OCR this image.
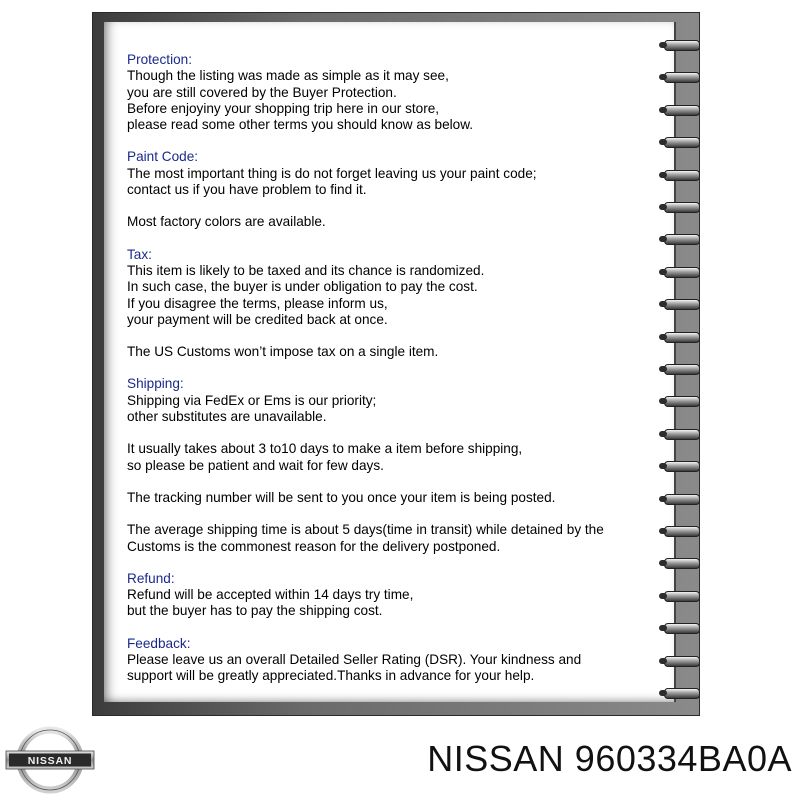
Protection:
Though the listing was made as simple as it may see,
you are still covered by the Buyer Protection.
Before enjoyiny your shopping trip here in our store,
please read some other terms you should know as below.
Paint Code:
The most important thing is do not forget leaving us your paint code;
contact us if you have problem to find it.
Most factory colors are available.
Tax:
This item is likely to be taxed and its chance is randomized.
In such case, the buyer is under obligation to pay the cost.
If you disagree the terms, please inform us,
your payment will be credited back at once.
The US Customs won’t impose tax on a single item.
Shipping:
Shipping via FedEx or Ems is our priority;
other substitutes are unavailable.
It usually takes about 3 to10 days to make a item before shipping,
so please be patient and wait for few days.
The tracking number will be sent to you once your item is being posted.
The average shipping time is about 5 days(time in transit) while detained by the
Customs is the commonest reason for the delivery postponed.
Refund:
Refund will be accepted within 14 days try time,
but the buyer has to pay the shipping cost.
Feedback:
Please leave us an overall Detailed Seller Rating (DSR). Your kindness and
support will be greatly appreciated.Thanks in advance for your help.
NISSAN	NISSAN 960334BA0A
